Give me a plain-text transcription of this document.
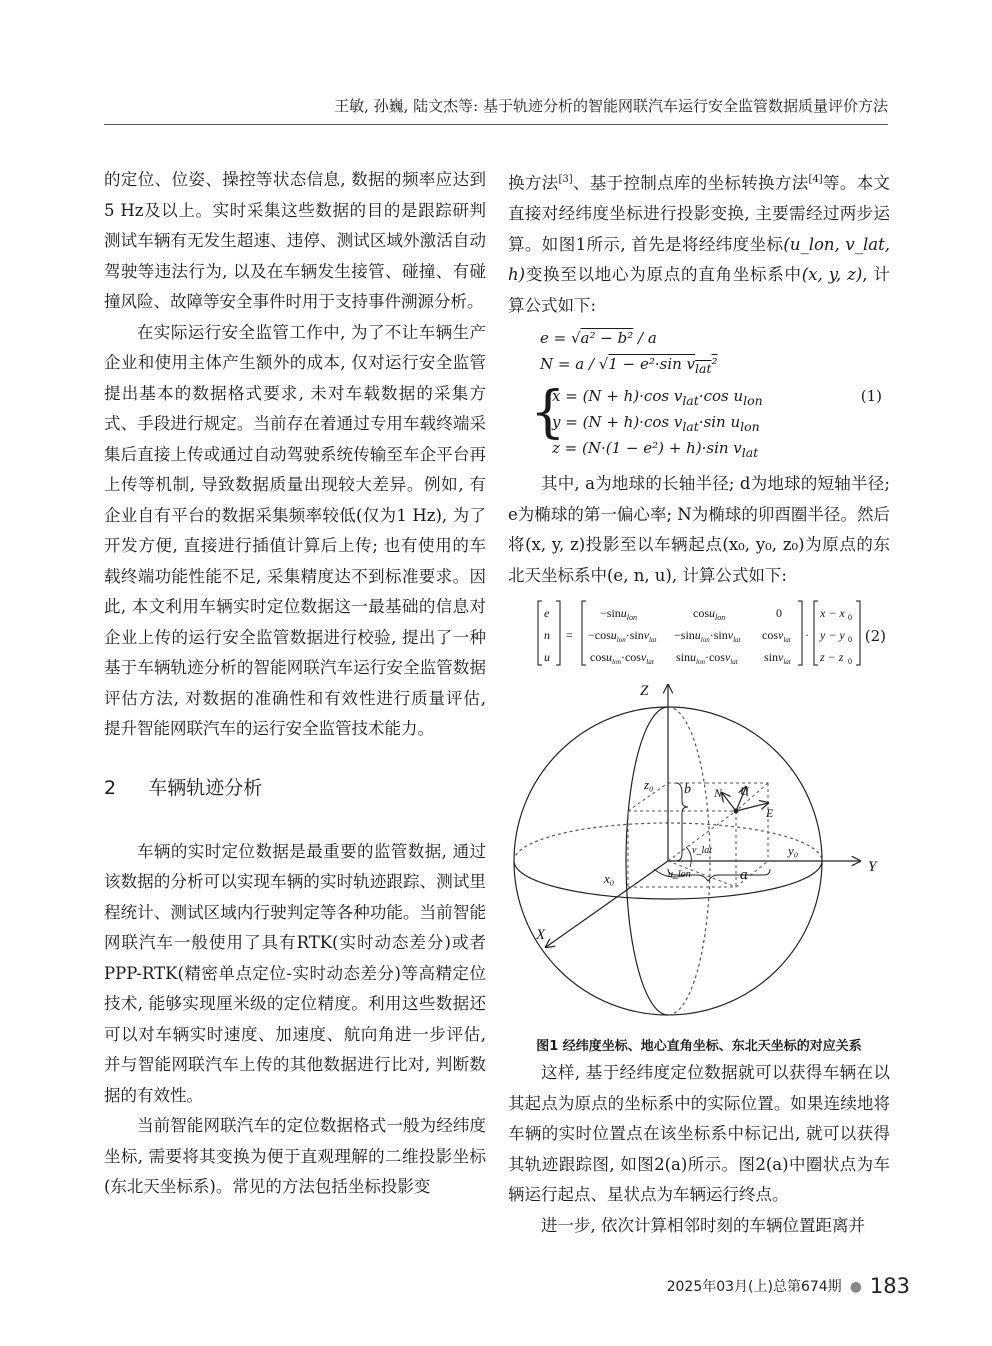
王敏, 孙巍, 陆文杰等: 基于轨迹分析的智能网联汽车运行安全监管数据质量评价方法

的定位、位姿、操控等状态信息, 数据的频率应达到5 Hz及以上。实时采集这些数据的目的是跟踪研判测试车辆有无发生超速、违停、测试区域外激活自动驾驶等违法行为, 以及在车辆发生接管、碰撞、有碰撞风险、故障等安全事件时用于支持事件溯源分析。

在实际运行安全监管工作中, 为了不让车辆生产企业和使用主体产生额外的成本, 仅对运行安全监管提出基本的数据格式要求, 未对车载数据的采集方式、手段进行规定。当前存在着通过专用车载终端采集后直接上传或通过自动驾驶系统传输至车企平台再上传等机制, 导致数据质量出现较大差异。例如, 有企业自有平台的数据采集频率较低(仅为1 Hz), 为了开发方便, 直接进行插值计算后上传; 也有使用的车载终端功能性能不足, 采集精度达不到标准要求。因此, 本文利用车辆实时定位数据这一最基础的信息对企业上传的运行安全监管数据进行校验, 提出了一种基于车辆轨迹分析的智能网联汽车运行安全监管数据评估方法, 对数据的准确性和有效性进行质量评估, 提升智能网联汽车的运行安全监管技术能力。

2 车辆轨迹分析

车辆的实时定位数据是最重要的监管数据, 通过该数据的分析可以实现车辆的实时轨迹跟踪、测试里程统计、测试区域内行驶判定等各种功能。当前智能网联汽车一般使用了具有RTK(实时动态差分)或者PPP-RTK(精密单点定位-实时动态差分)等高精定位技术, 能够实现厘米级的定位精度。利用这些数据还可以对车辆实时速度、加速度、航向角进一步评估, 并与智能网联汽车上传的其他数据进行比对, 判断数据的有效性。

当前智能网联汽车的定位数据格式一般为经纬度坐标, 需要将其变换为便于直观理解的二维投影坐标(东北天坐标系)。常见的方法包括坐标投影变

换方法[3]、基于控制点库的坐标转换方法[4]等。本文直接对经纬度坐标进行投影变换, 主要需经过两步运算。如图1所示, 首先是将经纬度坐标(u_lon, v_lat, h)变换至以地心为原点的直角坐标系中(x, y, z), 计算公式如下:

e = √a² − b² / a
N = a / √1 − e²·sin $v_{lat}^2$
{
x = (N + h)·cos $v_{lat}\cdot\cos$ $u_{lon}$
y = (N + h)·cos $v_{lat}\cdot\sin$ $u_{lon}$
z = (N·(1 − e²) + h)·sin $v_{lat}$
(1)

其中, a为地球的长轴半径; d为地球的短轴半径; e为椭球的第一偏心率; N为椭球的卯酉圈半径。然后将(x, y, z)投影至以车辆起点(x₀, y₀, z₀)为原点的东北天坐标系中(e, n, u), 计算公式如下:

e
n
u
=
−sinu$_{lon}$	cosu$_{lon}$	0
−cosu$_{lon}$·sinv$_{lat}$ −sinu$_{lon}$·sinv$_{lat}$ cosv$_{lat}$
cosu$_{lon}$·cosv$_{lat}$ sinu$_{lon}$·cosv$_{lat}$ sinv$_{lat}$
·
x − x 0
y − y 0
z − z 0
(2)
Z
Y
X
z₀
y₀
x₀
b
a
N U
E
v_lat
u_lon
图1 经纬度坐标、地心直角坐标、东北天坐标的对应关系

这样, 基于经纬度定位数据就可以获得车辆在以其起点为原点的坐标系中的实际位置。如果连续地将车辆的实时位置点在该坐标系中标记出, 就可以获得其轨迹跟踪图, 如图2(a)所示。图2(a)中圈状点为车辆运行起点、星状点为车辆运行终点。

进一步, 依次计算相邻时刻的车辆位置距离并

2025年03月(上)总第674期 ● 183
